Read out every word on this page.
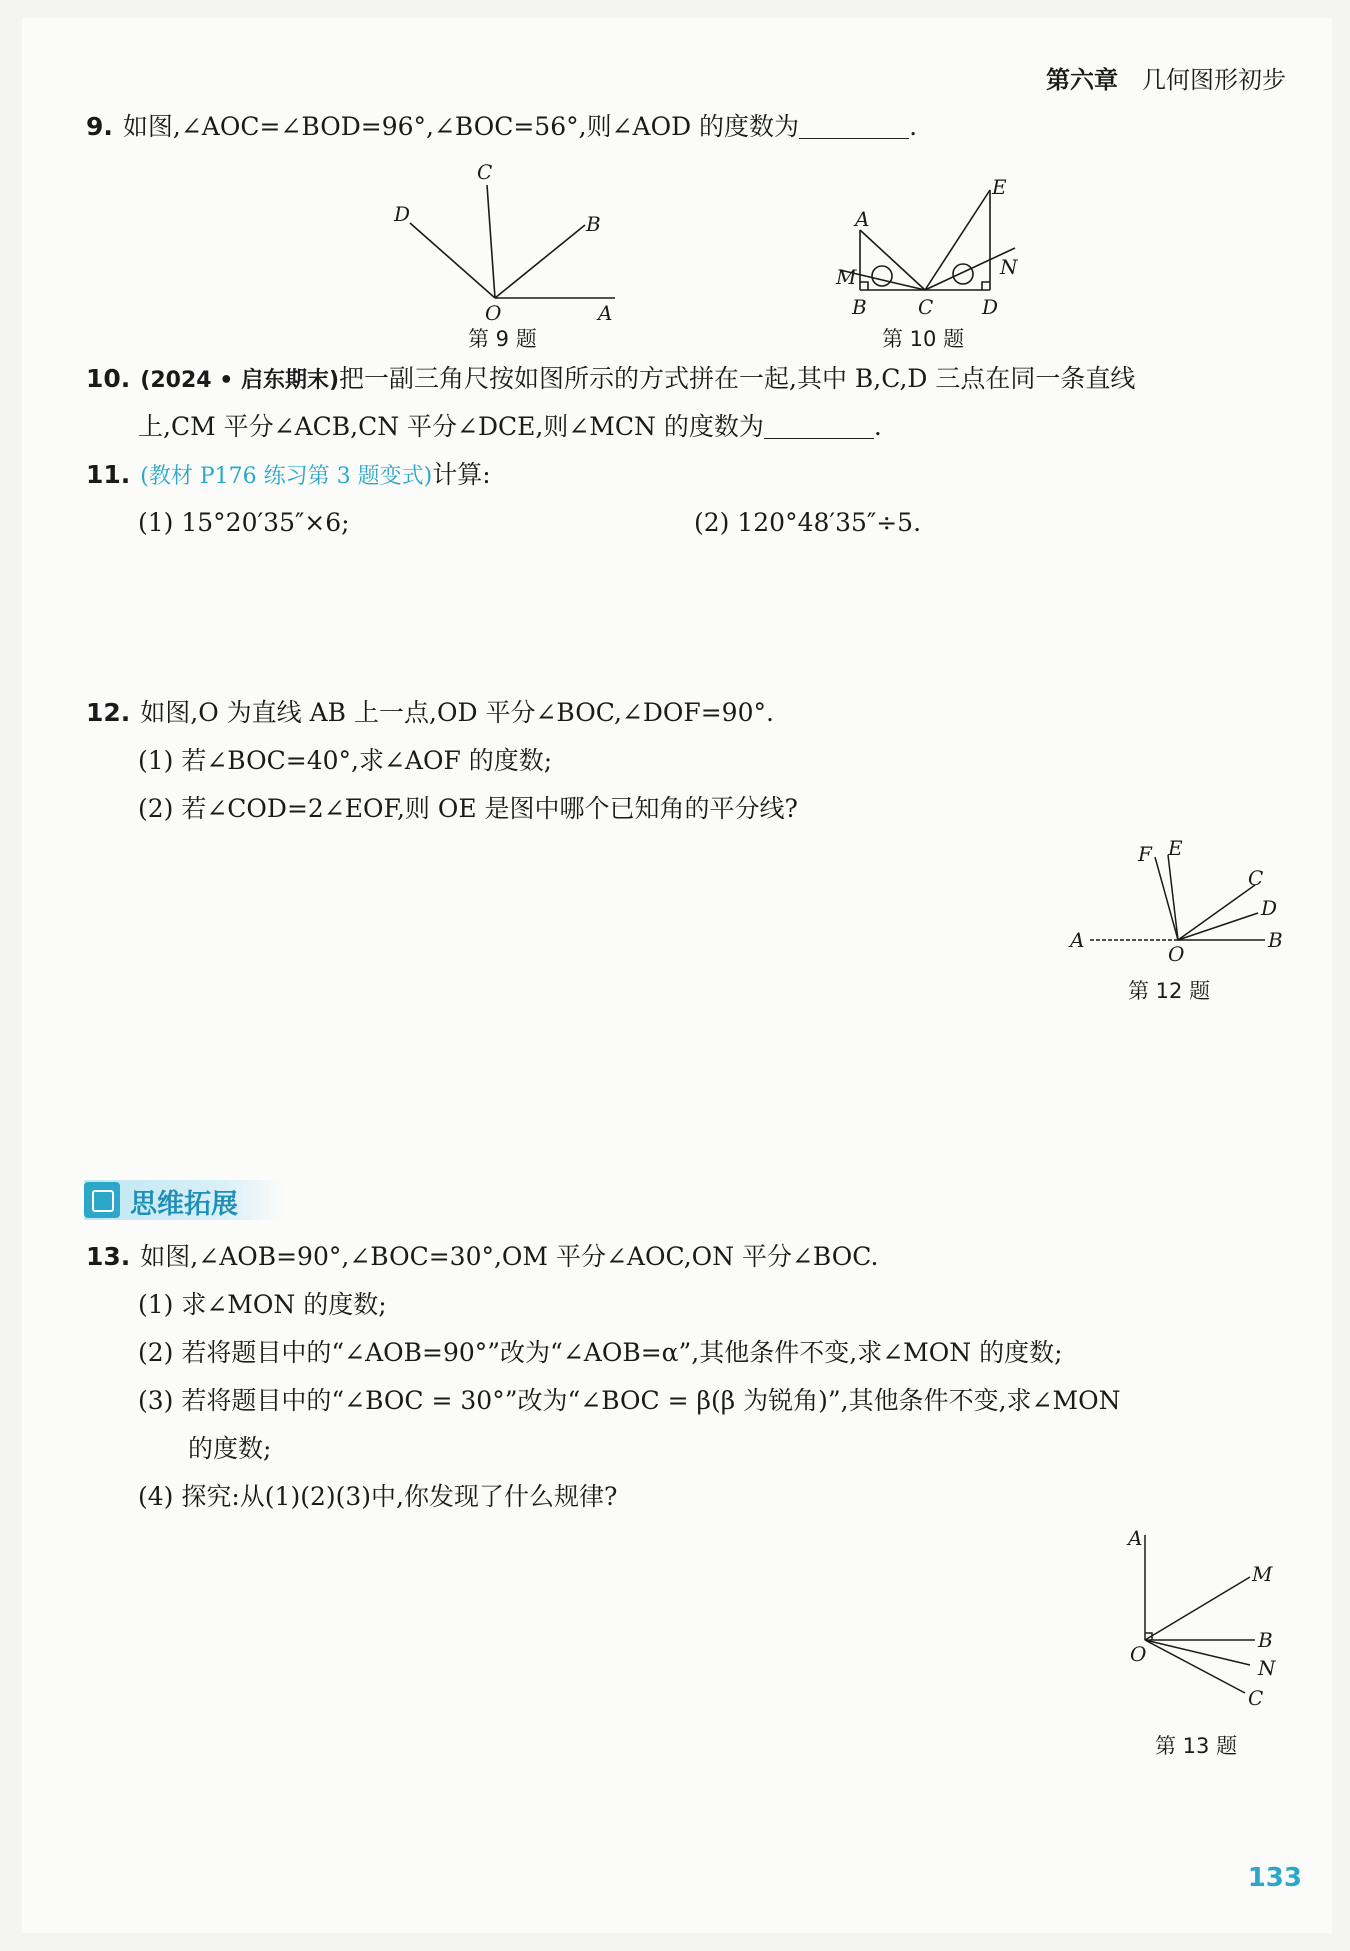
第六章 几何图形初步
9. 如图,∠AOC=∠BOD=96°,∠BOC=56°,则∠AOD 的度数为	.
C
D	B
O	A
第 9 题
A
E
M	N
B	C D
第 10 题
10. (2024 • 启东期末)把一副三角尺按如图所示的方式拼在一起,其中 B,C,D 三点在同一条直线
上,CM 平分∠ACB,CN 平分∠DCE,则∠MCN 的度数为	.
11. (教材 P176 练习第 3 题变式)计算:
(1) 15°20′35″×6;	(2) 120°48′35″÷5.
12. 如图,O 为直线 AB 上一点,OD 平分∠BOC,∠DOF=90°.
(1) 若∠BOC=40°,求∠AOF 的度数;
(2) 若∠COD=2∠EOF,则 OE 是图中哪个已知角的平分线?
F E
C
D
A
O
B
第 12 题
思维拓展
13. 如图,∠AOB=90°,∠BOC=30°,OM 平分∠AOC,ON 平分∠BOC.
(1) 求∠MON 的度数;
(2) 若将题目中的“∠AOB=90°”改为“∠AOB=α”,其他条件不变,求∠MON 的度数;
(3) 若将题目中的“∠BOC = 30°”改为“∠BOC = β(β 为锐角)”,其他条件不变,求∠MON
的度数;
(4) 探究:从(1)(2)(3)中,你发现了什么规律?
A
M
O
B
N
C
第 13 题
133
